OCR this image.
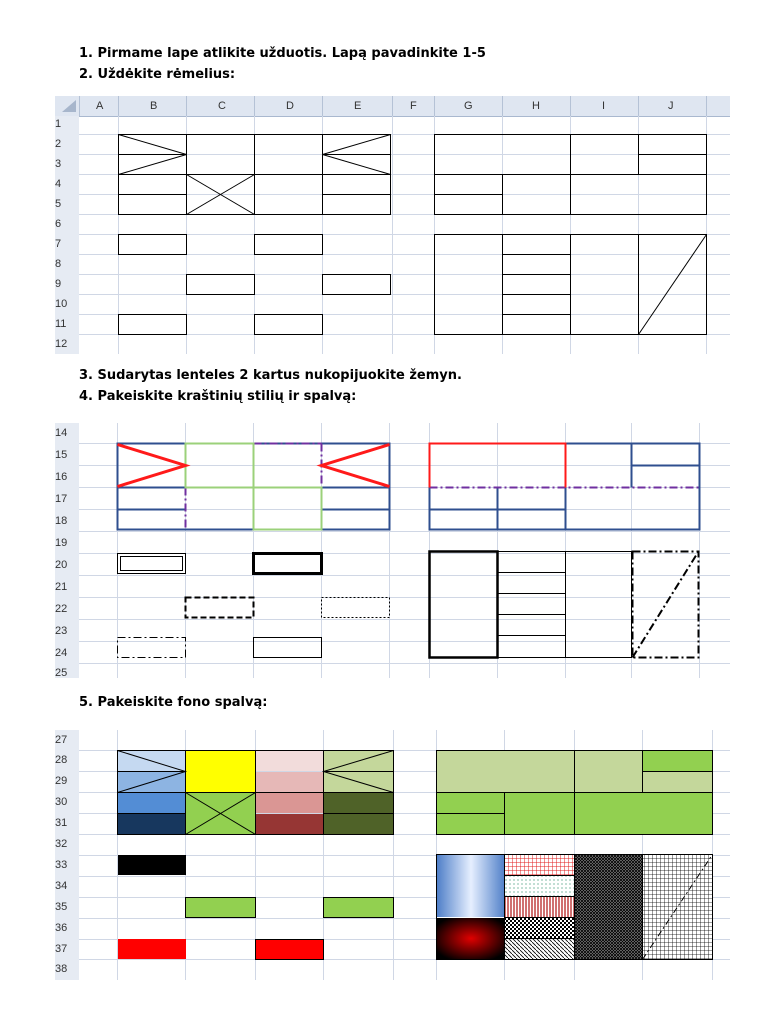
1. Pirmame lape atlikite užduotis. Lapą pavadinkite 1-5

2. Uždėkite rėmelius:

3. Sudarytas lenteles 2 kartus nukopijuokite žemyn.

4. Pakeiskite kraštinių stilių ir spalvą:

5. Pakeiskite fono spalvą:

A	B	C	D	E	F	G	H	I	J
1
2
3
4
5
6
7
8
9
10
11
12
14
15
16
17
18
19
20
21
22
23
24
25
27
28
29
30
31
32
33
34
35
36
37
38
